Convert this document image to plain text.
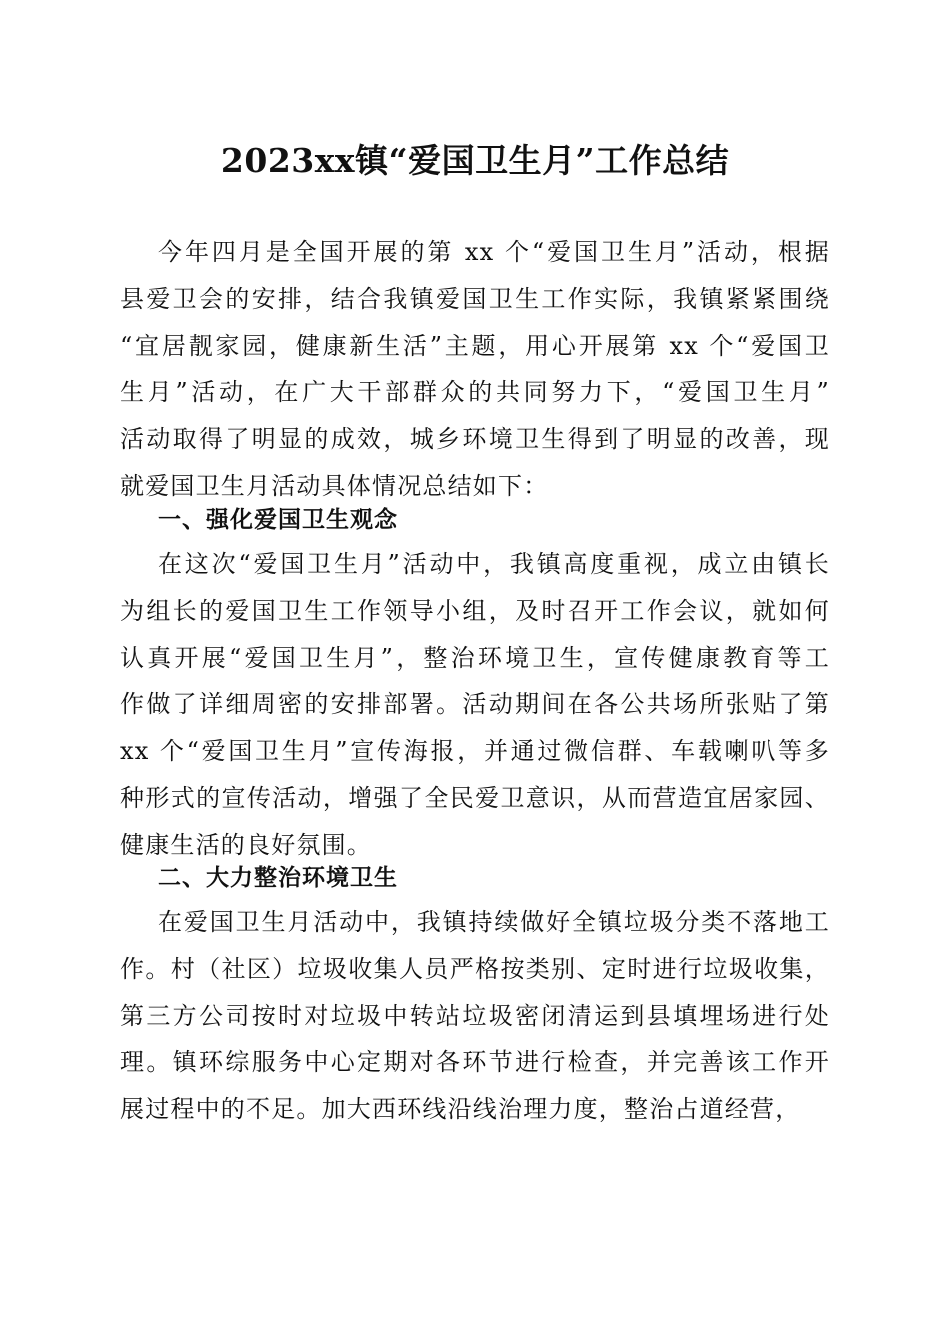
2023xx镇“爱国卫生月”工作总结
今年四月是全国开展的第 xx 个“爱国卫生月”活动，根据
县爱卫会的安排，结合我镇爱国卫生工作实际，我镇紧紧围绕
“宜居靓家园，健康新生活”主题，用心开展第 xx 个“爱国卫
生月”活动，在广大干部群众的共同努力下，“爱国卫生月”
活动取得了明显的成效，城乡环境卫生得到了明显的改善，现
就爱国卫生月活动具体情况总结如下：
一、强化爱国卫生观念
在这次“爱国卫生月”活动中，我镇高度重视，成立由镇长
为组长的爱国卫生工作领导小组，及时召开工作会议，就如何
认真开展“爱国卫生月”，整治环境卫生，宣传健康教育等工
作做了详细周密的安排部署。活动期间在各公共场所张贴了第
xx 个“爱国卫生月”宣传海报，并通过微信群、车载喇叭等多
种形式的宣传活动，增强了全民爱卫意识，从而营造宜居家园、
健康生活的良好氛围。
二、大力整治环境卫生
在爱国卫生月活动中，我镇持续做好全镇垃圾分类不落地工
作。村（社区）垃圾收集人员严格按类别、定时进行垃圾收集，
第三方公司按时对垃圾中转站垃圾密闭清运到县填埋场进行处
理。镇环综服务中心定期对各环节进行检查，并完善该工作开
展过程中的不足。加大西环线沿线治理力度，整治占道经营，
